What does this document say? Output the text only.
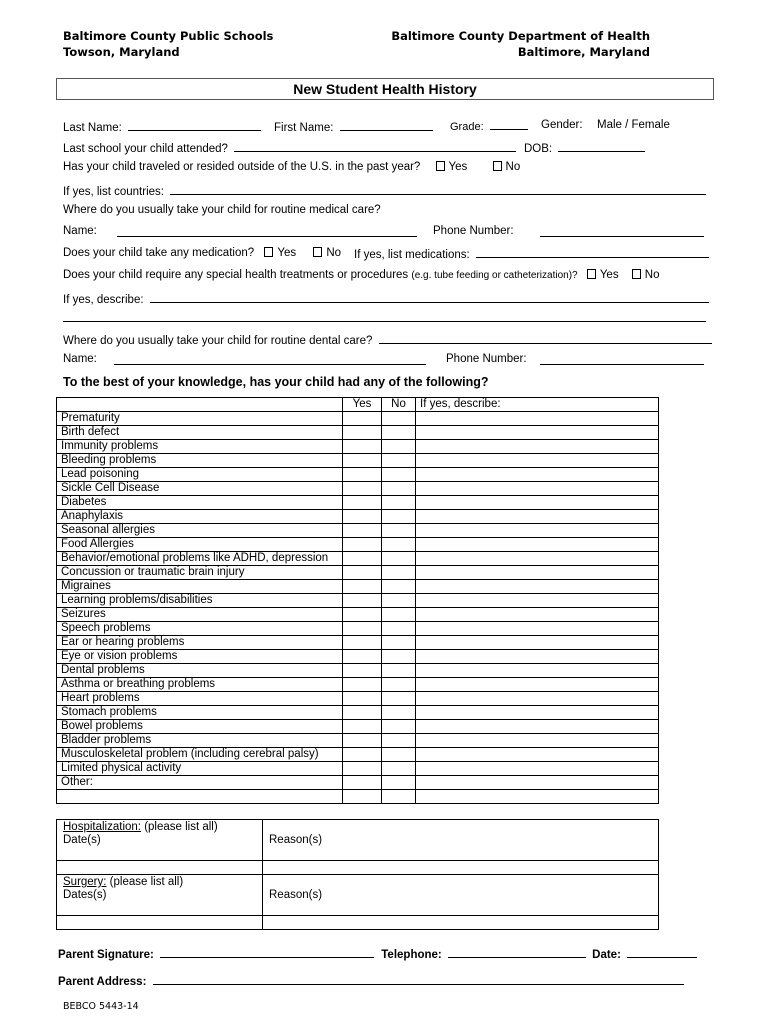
Baltimore County Public Schools
Towson, Maryland
Baltimore County Department of Health
Baltimore, Maryland
New Student Health History
Last Name:	First Name:	Grade:	Gender: Male / Female
Last school your child attended?	DOB:
Has your child traveled or resided outside of the U.S. in the past year? Yes	No
If yes, list countries:
Where do you usually take your child for routine medical care?
Name:	Phone Number:
Does your child take any medication? Yes	No If yes, list medications:
Does your child require any special health treatments or procedures (e.g. tube feeding or catheterization)? Yes No
If yes, describe:
Where do you usually take your child for routine dental care?
Name:	Phone Number:
To the best of your knowledge, has your child had any of the following?
	Yes	No	If yes, describe:
Prematurity			
Birth defect			
Immunity problems			
Bleeding problems			
Lead poisoning			
Sickle Cell Disease			
Diabetes			
Anaphylaxis			
Seasonal allergies			
Food Allergies			
Behavior/emotional problems like ADHD, depression			
Concussion or traumatic brain injury			
Migraines			
Learning problems/disabilities			
Seizures			
Speech problems			
Ear or hearing problems			
Eye or vision problems			
Dental problems			
Asthma or breathing problems			
Heart problems			
Stomach problems			
Bowel problems			
Bladder problems			
Musculoskeletal problem (including cerebral palsy)			
Limited physical activity			
Other:			

Hospitalization: (please list all)
Date(s)	Reason(s)

Surgery: (please list all)
Dates(s)	Reason(s)

Parent Signature:	Telephone:	Date:
Parent Address:
BEBCO 5443-14
